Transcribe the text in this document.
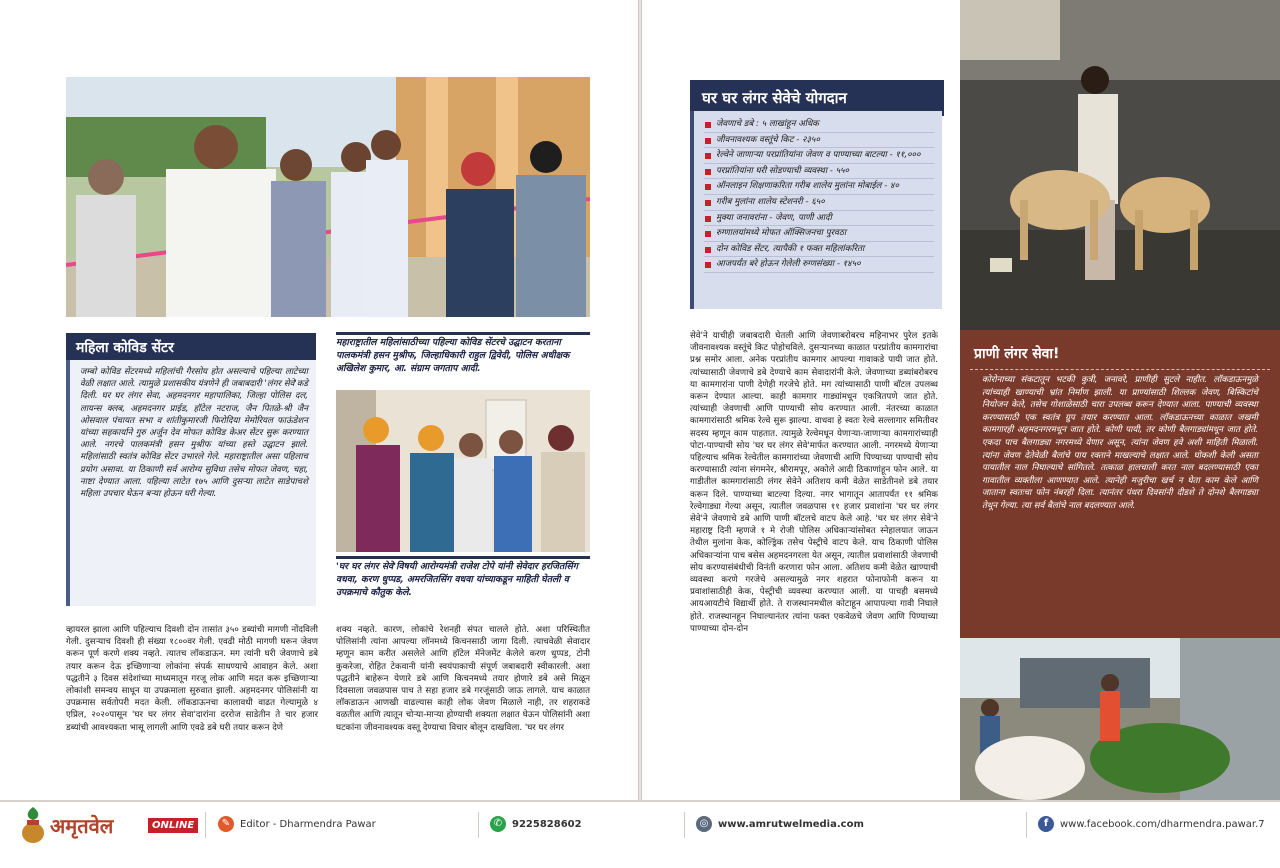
महिला कोविड सेंटर

जम्बो कोविड सेंटरमध्ये महिलांची गैरसोय होत असल्याचे पहिल्या लाटेच्या वेळी लक्षात आले. त्यामुळे प्रशासकीय यंत्रणेने ही जबाबदारी 'लंगर सेवे'कडे दिली. घर घर लंगर सेवा, अहमदनगर महापालिका, जिल्हा पोलिस दल, लायन्स क्लब, अहमदनगर प्राईड, हॉटेल नटराज, जैन पितळे-श्री जैन ओसवाल पंचायत सभा व शांतीकुमारजी फिरोदिया मेमोरियल फाऊंडेशन यांच्या सहकार्याने गुरु अर्जुन देव मोफत कोविड केअर सेंटर सुरू करण्यात आले. नगरचे पालकमंत्री हसन मुश्रीफ यांच्या हस्ते उद्घाटन झाले. महिलांसाठी स्वतंत्र कोविड सेंटर उभारले गेले. महाराष्ट्रातील असा पहिलाच प्रयोग असावा. या ठिकाणी सर्व आरोग्य सुविधा तसेच मोफत जेवण, चहा, नाष्टा देण्यात आला. पहिल्या लाटेत १७५ आणि दुसऱ्या लाटेत साडेपाचशे महिला उपचार घेऊन बऱ्या होऊन घरी गेल्या.

महाराष्ट्रातील महिलांसाठीच्या पहिल्या कोविड सेंटरचे उद्घाटन करताना पालकमंत्री हसन मुश्रीफ, जिल्हाधिकारी राहुल द्विवेदी, पोलिस अधीक्षक अखिलेश कुमार, आ. संग्राम जगताप आदी.
'घर घर लंगर सेवे'विषयी आरोग्यमंत्री राजेश टोपे यांनी सेवेदार हरजितसिंग वधवा, करण धुप्पड, अमरजितसिंग वधवा यांच्याकडून माहिती घेतली व उपक्रमाचे कौतुक केले.

व्हायरल झाला आणि पहिल्याच दिवशी दोन तासांत ३५० डब्यांची मागणी नोंदविली गेली. दुसऱ्याच दिवशी ही संख्या १८००वर गेली. एवढी मोठी मागणी घरून जेवण करून पूर्ण करणे शक्य नव्हते. त्यातच लॉकडाऊन. मग त्यांनी घरी जेवणाचे डबे तयार करून देऊ इच्छिणाऱ्या लोकांना संपर्क साधण्याचे आवाहन केले. अशा पद्धतीने ३ दिवस संदेशांच्या माध्यमातून गरजू लोक आणि मदत करू इच्छिणाऱ्या लोकांशी समन्वय साधून या उपक्रमाला सुरुवात झाली. अहमदनगर पोलिसांनी या उपक्रमास सर्वतोपरी मदत केली. लॉकडाऊनचा कालावधी वाढत गेल्यामुळे ४ एप्रिल, २०२०पासून 'घर घर लंगर सेवा'दारांना दररोज साडेतीन ते चार हजार डब्यांची आवश्यकता भासू लागली आणि एवढे डबे घरी तयार करून देणे

शक्य नव्हते. कारण, लोकांचे रेशनही संपत चालले होते. अशा परिस्थितीत पोलिसांनी त्यांना आपल्या लॉनमध्ये किचनसाठी जागा दिली. त्याचवेळी सेवादार म्हणून काम करीत असलेले आणि हॉटेल मॅनेजमेंट केलेले करण धुप्पड, टोनी कुकरेजा, रोहित टेकवानी यांनी स्वयंपाकाची संपूर्ण जबाबदारी स्वीकारली. अशा पद्धतीने बाहेरून येणारे डबे आणि किचनमध्ये तयार होणारे डबे असे मिळून दिवसाला जवळपास पाच ते सहा हजार डबे गरजूंसाठी जाऊ लागले. याच काळात लॉकडाऊन आणखी वाढल्यास काही लोक जेवण मिळाले नाही, तर शहराकडे वळतील आणि त्यातून चोऱ्या-माऱ्या होण्याची शक्यता लक्षात घेऊन पोलिसांनी अशा घटकांना जीवनावश्यक वस्तू देण्याचा विचार बोलून दाखविला. 'घर घर लंगर

घर घर लंगर सेवेचे योगदान
जेवणाचे डबे : ५ लाखांहून अधिक
जीवनावश्यक वस्तूंचे किट - २३५०
रेल्वेने जाणाऱ्या परप्रांतियांना जेवण व पाण्याच्या बाटल्या - ११,०००
परप्रांतियांना घरी सोडण्याची व्यवस्था - ५५०
ऑनलाइन शिक्षणाकरिता गरीब शालेय मुलांना मोबाईल - ४०
गरीब मुलांना शालेय स्टेशनरी - ६५०
मुक्या जनावरांना - जेवण, पाणी आदी
रुग्णालयांमध्ये मोफत ऑक्सिजनचा पुरवठा
दोन कोविड सेंटर, त्यापैकी १ फक्त महिलांकरिता
आजपर्यंत बरे होऊन गेलेली रुग्णसंख्या - १४५०

सेवे'ने याचीही जबाबदारी घेतली आणि जेवणाबरोबरच महिनाभर पुरेल इतके जीवनावश्यक वस्तूंचे किट पोहोचविले. दुसऱ्यानच्या काळात परप्रांतीय कामगारांचा प्रश्न समोर आला. अनेक परप्रांतीय कामगार आपल्या गावाकडे पायी जात होते. त्यांच्यासाठी जेवणाचे डबे देण्याचे काम सेवादारांनी केले. जेवणाच्या डब्यांबरोबरच या कामगारांना पाणी देणेही गरजेचे होते. मग त्यांच्यासाठी पाणी बॉटल उपलब्ध करून देण्यात आल्या. काही कामगार गाड्यांमधून एकत्रितपणे जात होते. त्यांच्याही जेवणाची आणि पाण्याची सोय करण्यात आली. नंतरच्या काळात कामगारांसाठी श्रमिक रेल्वे सुरू झाल्या. वाधवा हे स्वतः रेल्वे सल्लागार समितीवर सदस्य म्हणून काम पाहतात. त्यामुळे रेल्वेमधून येणाऱ्या-जाणाऱ्या कामगारांच्याही पोटा-पाण्याची सोय 'घर घर लंगर सेवे'मार्फत करण्यात आली. नगरमध्ये येणाऱ्या पहिल्याच श्रमिक रेल्वेतील कामगारांच्या जेवणाची आणि पिण्याच्या पाण्याची सोय करण्यासाठी त्यांना संगमनेर, श्रीरामपूर, अकोले आदी ठिकाणांहून फोन आले. या गाडीतील कामगारांसाठी लंगर सेवेने अतिशय कमी वेळेत साडेतीनशे डबे तयार करून दिले. पाण्याच्या बाटल्या दिल्या. नगर भागातून आतापर्यंत ११ श्रमिक रेल्वेगाड्या गेल्या असून, त्यातील जवळपास ११ हजार प्रवाशांना 'घर घर लंगर सेवे'ने जेवणाचे डबे आणि पाणी बॉटलचे वाटप केले आहे. 'घर घर लंगर सेवे'ने महाराष्ट्र दिनी म्हणजे १ मे रोजी पोलिस अधिकाऱ्यांसोबत स्नेहालयात जाऊन तेथील मुलांना केक, कोल्ड्रिंक तसेच पेस्ट्रीचे वाटप केले. याच ठिकाणी पोलिस अधिकाऱ्यांना पाच बसेस अहमदनगरला येत असून, त्यातील प्रवाशांसाठी जेवणाची सोय करण्यासंबंधीची विनंती करणारा फोन आला. अतिशय कमी वेळेत खाण्याची व्यवस्था करणे गरजेचे असल्यामुळे नगर शहरात फोनाफोनी करून या प्रवाशांसाठीही केक, पेस्ट्रीची व्यवस्था करण्यात आली. या पाचही बसमध्ये आयआयटीचे विद्यार्थी होते. ते राजस्थानमधील कोटाहून आपापल्या गावी निघाले होते. राजस्थानहून निघाल्यानंतर त्यांना फक्त एकवेळचे जेवण आणि पिण्याच्या पाण्याच्या दोन-दोन

प्राणी लंगर सेवा!

कोरोनाच्या संकटातून भटकी कुत्री, जनावरे, प्राणीही सुटले नाहीत. लॉकडाऊनमुळे त्यांच्याही खाण्याची भ्रांत निर्माण झाली. या प्राण्यांसाठी शिल्लक जेवण, बिस्किटांचे नियोजन केले, तसेच गोशाळेसाठी चारा उपलब्ध करून देण्यात आला. पाण्याची व्यवस्था करण्यासाठी एक स्वतंत्र ग्रुप तयार करण्यात आला. लॉकडाऊनच्या काळात जखमी कामगारही अहमदनगरमधून जात होते. कोणी पायी, तर कोणी बैलगाड्यांमधून जात होते. एकदा पाच बैलगाड्या नगरमध्ये येणार असून, त्यांना जेवण हवे अशी माहिती मिळाली. त्यांना जेवण देतेवेळी बैलांचे पाय रक्ताने माखल्याचे लक्षात आले. घोकशी केली असता पायातील नाल निघाल्याचे सांगितले. तत्काळ हालचाली करत नाल बदलण्यासाठी एका गावातील व्यक्तीला आणण्यात आले. त्यानेही मजुरीचा खर्च न घेता काम केले आणि जाताना स्वतःचा फोन नंबरही दिला. त्यानंतर पंधरा दिवसांनी दीडशे ते दोनशे बैलगाड्या तेथून गेल्या. त्या सर्व बैलांचे नाल बदलण्यात आले.

अमृतवेल	ONLINE	✎ Editor - Dharmendra Pawar	✆ 9225828602	◎ www.amrutwelmedia.com	f	www.facebook.com/dharmendra.pawar.7
